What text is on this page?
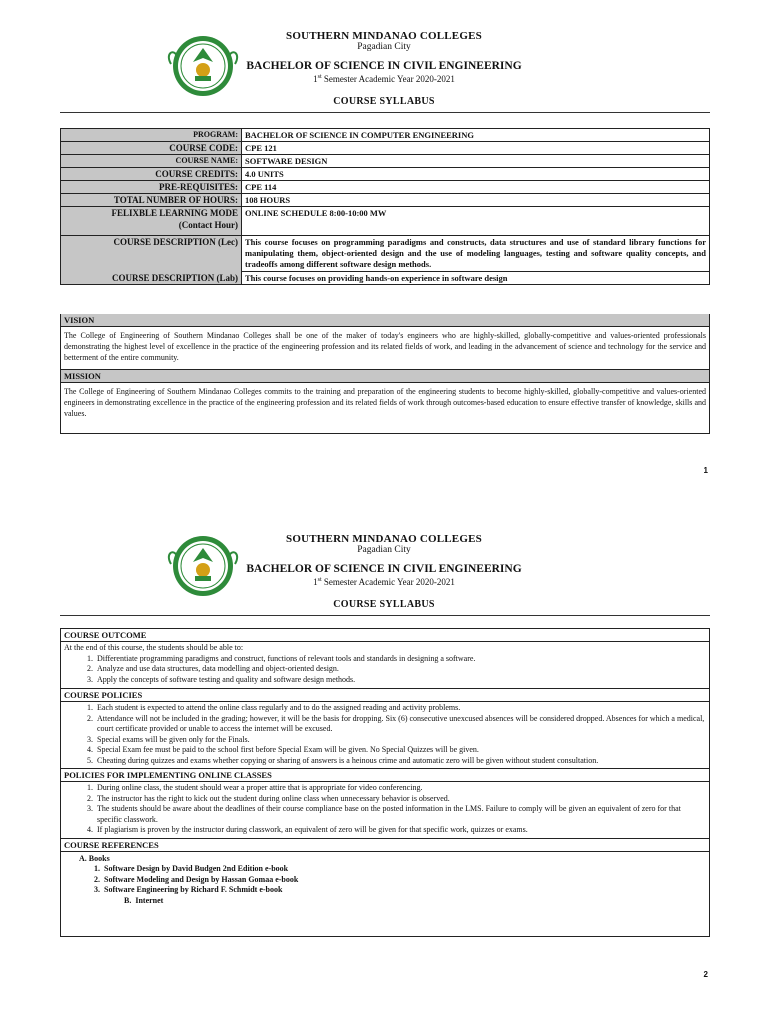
SOUTHERN MINDANAO COLLEGES
Pagadian City
BACHELOR OF SCIENCE IN CIVIL ENGINEERING
1st Semester Academic Year 2020-2021
COURSE SYLLABUS
PROGRAM:	BACHELOR OF SCIENCE IN COMPUTER ENGINEERING
COURSE CODE:	CPE 121
COURSE NAME:	SOFTWARE DESIGN
COURSE CREDITS:	4.0 UNITS
PRE-REQUISITES:	CPE 114
TOTAL NUMBER OF HOURS:	108 HOURS
FELIXBLE LEARNING MODE	ONLINE SCHEDULE 8:00-10:00 MW
(Contact Hour)	
COURSE DESCRIPTION (Lec)	This course focuses on programming paradigms and constructs, data structures and use of standard library functions for manipulating them, object-oriented design and the use of modeling languages, testing and software quality concepts, and tradeoffs among different software design methods.
COURSE DESCRIPTION (Lab)	This course focuses on providing hands-on experience in software design
VISION
The College of Engineering of Southern Mindanao Colleges shall be one of the maker of today's engineers who are highly-skilled, globally-competitive and values-oriented professionals demonstrating the highest level of excellence in the practice of the engineering profession and its related fields of work, and leading in the advancement of science and technology for the service and betterment of the entire community.
MISSION
The College of Engineering of Southern Mindanao Colleges commits to the training and preparation of the engineering students to become highly-skilled, globally-competitive and values-oriented engineers in demonstrating excellence in the practice of the engineering profession and its related fields of work through outcomes-based education to ensure effective transfer of knowledge, skills and values.
1
SOUTHERN MINDANAO COLLEGES
Pagadian City
BACHELOR OF SCIENCE IN CIVIL ENGINEERING
1st Semester Academic Year 2020-2021
COURSE SYLLABUS
COURSE OUTCOME
At the end of this course, the students should be able to:
1. Differentiate programming paradigms and construct, functions of relevant tools and standards in designing a software.
2. Analyze and use data structures, data modelling and object-oriented design.
3. Apply the concepts of software testing and quality and software design methods.
COURSE POLICIES
1. Each student is expected to attend the online class regularly and to do the assigned reading and activity problems.
2. Attendance will not be included in the grading; however, it will be the basis for dropping. Six (6) consecutive unexcused absences will be considered dropped. Absences for which a medical, court certificate provided or unable to access the internet will be excused.
3. Special exams will be given only for the Finals.
4. Special Exam fee must be paid to the school first before Special Exam will be given. No Special Quizzes will be given.
5. Cheating during quizzes and exams whether copying or sharing of answers is a heinous crime and automatic zero will be given without student consultation.
POLICIES FOR IMPLEMENTING ONLINE CLASSES
1. During online class, the student should wear a proper attire that is appropriate for video conferencing.
2. The instructor has the right to kick out the student during online class when unnecessary behavior is observed.
3. The students should be aware about the deadlines of their course compliance base on the posted information in the LMS. Failure to comply will be given an equivalent of zero for that specific classwork.
4. If plagiarism is proven by the instructor during classwork, an equivalent of zero will be given for that specific work, quizzes or exams.
COURSE REFERENCES
A. Books
1.  Software Design by David Budgen 2nd Edition e-book
2.  Software Modeling and Design by Hassan Gomaa e-book
3.  Software Engineering by Richard F. Schmidt e-book
B. Internet
2
